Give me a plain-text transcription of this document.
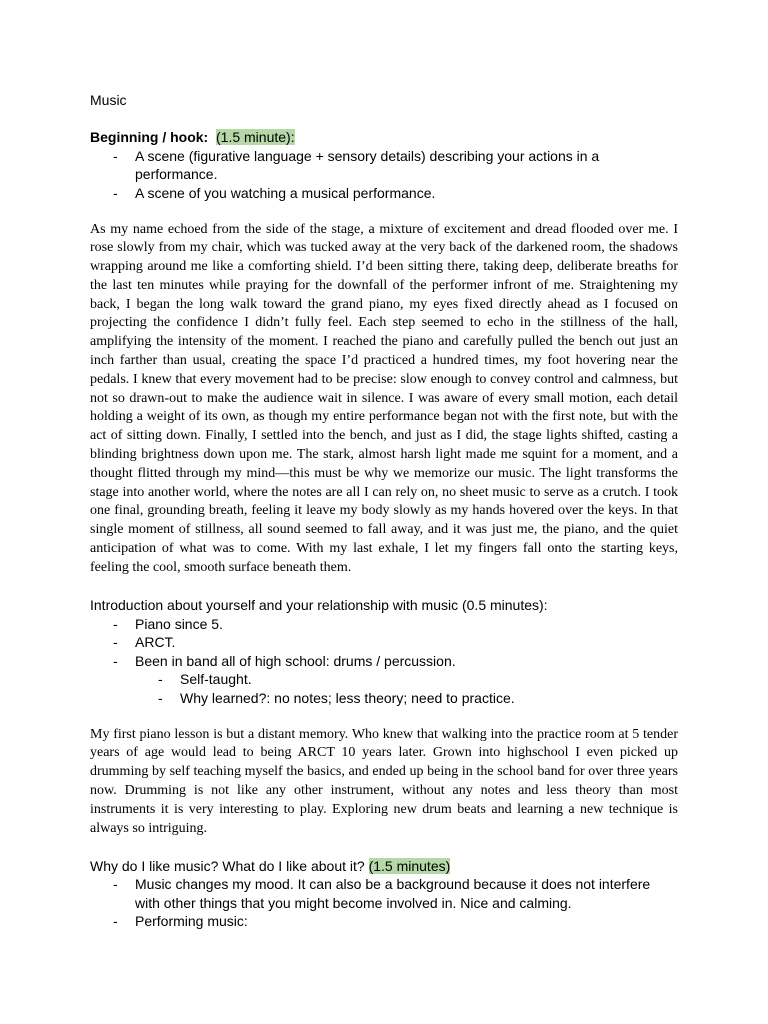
Music

Beginning / hook: (1.5 minute):

- A scene (figurative language + sensory details) describing your actions in a performance.
- A scene of you watching a musical performance.

As my name echoed from the side of the stage, a mixture of excitement and dread flooded over me. I rose slowly from my chair, which was tucked away at the very back of the darkened room, the shadows wrapping around me like a comforting shield. I’d been sitting there, taking deep, deliberate breaths for the last ten minutes while praying for the downfall of the performer infront of me. Straightening my back, I began the long walk toward the grand piano, my eyes fixed directly ahead as I focused on projecting the confidence I didn’t fully feel. Each step seemed to echo in the stillness of the hall, amplifying the intensity of the moment. I reached the piano and carefully pulled the bench out just an inch farther than usual, creating the space I’d practiced a hundred times, my foot hovering near the pedals. I knew that every movement had to be precise: slow enough to convey control and calmness, but not so drawn-out to make the audience wait in silence. I was aware of every small motion, each detail holding a weight of its own, as though my entire performance began not with the first note, but with the act of sitting down. Finally, I settled into the bench, and just as I did, the stage lights shifted, casting a blinding brightness down upon me. The stark, almost harsh light made me squint for a moment, and a thought flitted through my mind—this must be why we memorize our music. The light transforms the stage into another world, where the notes are all I can rely on, no sheet music to serve as a crutch. I took one final, grounding breath, feeling it leave my body slowly as my hands hovered over the keys. In that single moment of stillness, all sound seemed to fall away, and it was just me, the piano, and the quiet anticipation of what was to come. With my last exhale, I let my fingers fall onto the starting keys, feeling the cool, smooth surface beneath them.

Introduction about yourself and your relationship with music (0.5 minutes):

- Piano since 5.
- ARCT.
- Been in band all of high school: drums / percussion.
- Self-taught.
- Why learned?: no notes; less theory; need to practice.

My first piano lesson is but a distant memory. Who knew that walking into the practice room at 5 tender years of age would lead to being ARCT 10 years later. Grown into highschool I even picked up drumming by self teaching myself the basics, and ended up being in the school band for over three years now. Drumming is not like any other instrument, without any notes and less theory than most instruments it is very interesting to play. Exploring new drum beats and learning a new technique is always so intriguing.

Why do I like music? What do I like about it? (1.5 minutes)

- Music changes my mood. It can also be a background because it does not interfere with other things that you might become involved in. Nice and calming.
- Performing music:
